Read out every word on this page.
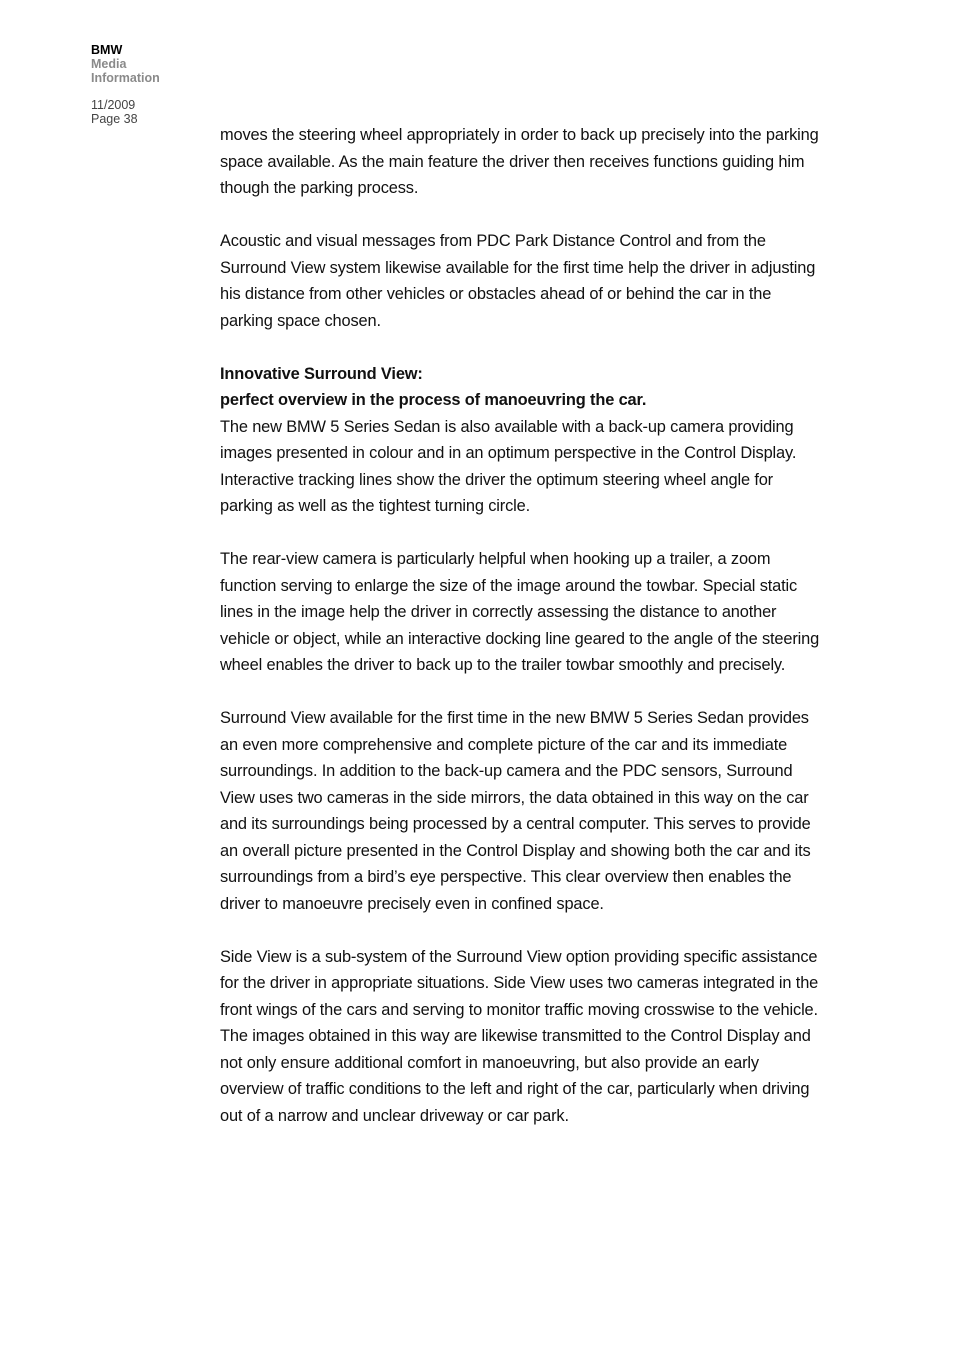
BMW
Media
Information
11/2009
Page 38

moves the steering wheel appropriately in order to back up precisely into the parking space available. As the main feature the driver then receives functions guiding him though the parking process.

Acoustic and visual messages from PDC Park Distance Control and from the Surround View system likewise available for the first time help the driver in adjusting his distance from other vehicles or obstacles ahead of or behind the car in the parking space chosen.

Innovative Surround View:
perfect overview in the process of manoeuvring the car.
The new BMW 5 Series Sedan is also available with a back-up camera providing images presented in colour and in an optimum perspective in the Control Display. Interactive tracking lines show the driver the optimum steering wheel angle for parking as well as the tightest turning circle.

The rear-view camera is particularly helpful when hooking up a trailer, a zoom function serving to enlarge the size of the image around the towbar. Special static lines in the image help the driver in correctly assessing the distance to another vehicle or object, while an interactive docking line geared to the angle of the steering wheel enables the driver to back up to the trailer towbar smoothly and precisely.

Surround View available for the first time in the new BMW 5 Series Sedan provides an even more comprehensive and complete picture of the car and its immediate surroundings. In addition to the back-up camera and the PDC sensors, Surround View uses two cameras in the side mirrors, the data obtained in this way on the car and its surroundings being processed by a central computer. This serves to provide an overall picture presented in the Control Display and showing both the car and its surroundings from a bird’s eye perspective. This clear overview then enables the driver to manoeuvre precisely even in confined space.

Side View is a sub-system of the Surround View option providing specific assistance for the driver in appropriate situations. Side View uses two cameras integrated in the front wings of the cars and serving to monitor traffic moving crosswise to the vehicle. The images obtained in this way are likewise transmitted to the Control Display and not only ensure additional comfort in manoeuvring, but also provide an early overview of traffic conditions to the left and right of the car, particularly when driving out of a narrow and unclear driveway or car park.
